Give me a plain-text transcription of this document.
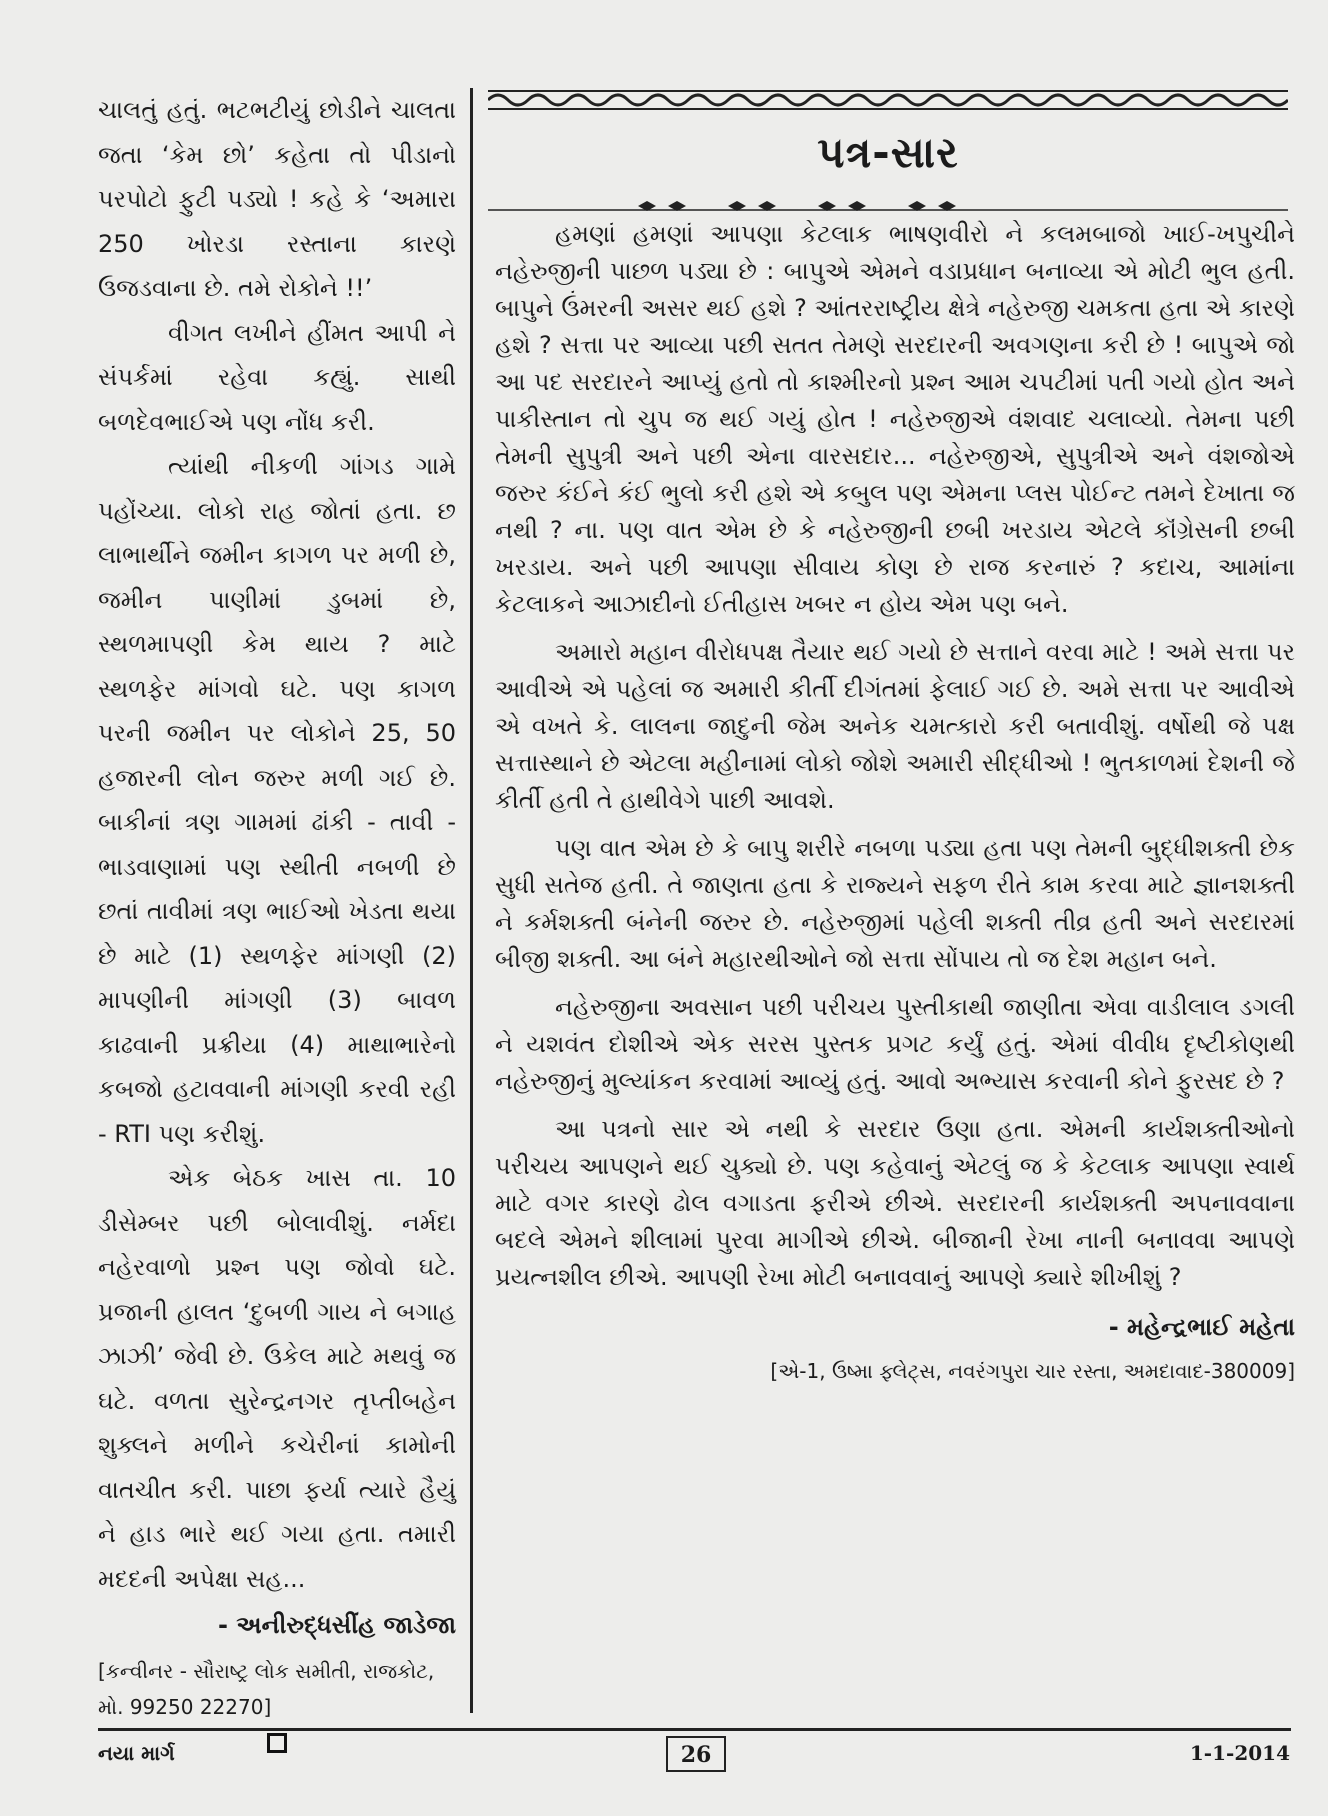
ચાલતું હતું. ભટભટીયું છોડીને ચાલતા જતા ‘કેમ છો’ કહેતા તો પીડાનો પરપોટો ફુટી પડ્યો ! કહે કે ‘અમારા 250 ખોરડા રસ્તાના કારણે ઉજડવાના છે. તમે રોકોને !!’

વીગત લખીને હીંમત આપી ને સંપર્કમાં રહેવા કહ્યું. સાથી બળદેવભાઈએ પણ નોંધ કરી.

ત્યાંથી નીકળી ગાંગડ ગામે પહોંચ્યા. લોકો રાહ જોતાં હતા. છ લાભાર્થીને જમીન કાગળ પર મળી છે, જમીન પાણીમાં ડુબમાં છે, સ્થળમાપણી કેમ થાય ? માટે સ્થળફેર માંગવો ઘટે. પણ કાગળ પરની જમીન પર લોકોને 25, 50 હજારની લોન જરુર મળી ગઈ છે. બાકીનાં ત્રણ ગામમાં ઢાંકી - તાવી - ભાડવાણામાં પણ સ્થીતી નબળી છે છતાં તાવીમાં ત્રણ ભાઈઓ ખેડતા થયા છે માટે (1) સ્થળફેર માંગણી (2) માપણીની માંગણી (3) બાવળ કાઢવાની પ્રક્રીયા (4) માથાભારેનો કબજો હટાવવાની માંગણી કરવી રહી - RTI પણ કરીશું.

એક બેઠક ખાસ તા. 10 ડીસેમ્બર પછી બોલાવીશું. નર્મદા નહેરવાળો પ્રશ્ન પણ જોવો ઘટે. પ્રજાની હાલત ‘દુબળી ગાય ને બગાહ ઝાઝી’ જેવી છે. ઉકેલ માટે મથવું જ ઘટે. વળતા સુરેન્દ્રનગર તૃપ્તીબહેન શુક્લને મળીને કચેરીનાં કામોની વાતચીત કરી. પાછા ફર્યા ત્યારે હૈયું ને હાડ ભારે થઈ ગયા હતા. તમારી મદદની અપેક્ષા સહ...

- અનીરુદ્ધસીંહ જાડેજા
[કન્વીનર - સૌરાષ્ટ્ર લોક સમીતી, રાજકોટ, મો. 99250 22270]
પત્ર-સાર

હમણાં હમણાં આપણા કેટલાક ભાષણવીરો ને કલમબાજો ખાઈ-ખપુચીને નહેરુજીની પાછળ પડ્યા છે : બાપુએ એમને વડાપ્રધાન બનાવ્યા એ મોટી ભુલ હતી. બાપુને ઉંમરની અસર થઈ હશે ? આંતરરાષ્ટ્રીય ક્ષેત્રે નહેરુજી ચમકતા હતા એ કારણે હશે ? સત્તા પર આવ્યા પછી સતત તેમણે સરદારની અવગણના કરી છે ! બાપુએ જો આ પદ સરદારને આપ્યું હતો તો કાશ્મીરનો પ્રશ્ન આમ ચપટીમાં પતી ગયો હોત અને પાકીસ્તાન તો ચુપ જ થઈ ગયું હોત ! નહેરુજીએ વંશવાદ ચલાવ્યો. તેમના પછી તેમની સુપુત્રી અને પછી એના વારસદાર... નહેરુજીએ, સુપુત્રીએ અને વંશજોએ જરુર કંઈને કંઈ ભુલો કરી હશે એ કબુલ પણ એમના પ્લસ પોઈન્ટ તમને દેખાતા જ નથી ? ના. પણ વાત એમ છે કે નહેરુજીની છબી ખરડાય એટલે કૉંગ્રેસની છબી ખરડાય. અને પછી આપણા સીવાય કોણ છે રાજ કરનારું ? કદાચ, આમાંના કેટલાકને આઝાદીનો ઈતીહાસ ખબર ન હોય એમ પણ બને.

અમારો મહાન વીરોધપક્ષ તૈયાર થઈ ગયો છે સત્તાને વરવા માટે ! અમે સત્તા પર આવીએ એ પહેલાં જ અમારી કીર્તી દીગંતમાં ફેલાઈ ગઈ છે. અમે સત્તા પર આવીએ એ વખતે કે. લાલના જાદુની જેમ અનેક ચમત્કારો કરી બતાવીશું. વર્ષોથી જે પક્ષ સત્તાસ્થાને છે એટલા મહીનામાં લોકો જોશે અમારી સીદ્ધીઓ ! ભુતકાળમાં દેશની જે કીર્તી હતી તે હાથીવેગે પાછી આવશે.

પણ વાત એમ છે કે બાપુ શરીરે નબળા પડ્યા હતા પણ તેમની બુદ્ધીશક્તી છેક સુધી સતેજ હતી. તે જાણતા હતા કે રાજ્યને સફળ રીતે કામ કરવા માટે જ્ઞાનશક્તી ને કર્મશક્તી બંનેની જરુર છે. નહેરુજીમાં પહેલી શક્તી તીવ્ર હતી અને સરદારમાં બીજી શક્તી. આ બંને મહારથીઓને જો સત્તા સોંપાય તો જ દેશ મહાન બને.

નહેરુજીના અવસાન પછી પરીચય પુસ્તીકાથી જાણીતા એવા વાડીલાલ ડગલી ને યશવંત દોશીએ એક સરસ પુસ્તક પ્રગટ કર્યું હતું. એમાં વીવીધ દૃષ્ટીકોણથી નહેરુજીનું મુલ્યાંકન કરવામાં આવ્યું હતું. આવો અભ્યાસ કરવાની કોને ફુરસદ છે ?

આ પત્રનો સાર એ નથી કે સરદાર ઉણા હતા. એમની કાર્યશક્તીઓનો પરીચય આપણને થઈ ચુક્યો છે. પણ કહેવાનું એટલું જ કે કેટલાક આપણા સ્વાર્થ માટે વગર કારણે ઢોલ વગાડતા ફરીએ છીએ. સરદારની કાર્યશક્તી અપનાવવાના બદલે એમને શીલામાં પુરવા માગીએ છીએ. બીજાની રેખા નાની બનાવવા આપણે પ્રયત્નશીલ છીએ. આપણી રેખા મોટી બનાવવાનું આપણે ક્યારે શીખીશું ?

- મહેન્દ્રભાઈ મહેતા
[એ-1, ઉષ્મા ફ્લેટ્સ, નવરંગપુરા ચાર રસ્તા, અમદાવાદ-380009]
નયા માર્ગ	26	1-1-2014
